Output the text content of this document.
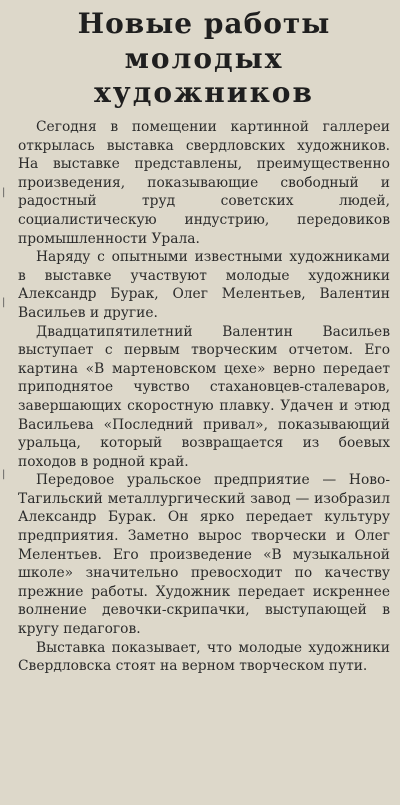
|
|
|
Новые работы
молодых художников

Сегодня в помещении картинной галлереи открылась выставка свердловских художников. На выставке представлены, преимущественно произведения, показывающие свободный и радостный труд советских людей, социалистическую индустрию, передовиков промышленности Урала.

Наряду с опытными известными художниками в выставке участвуют молодые художники Александр Бурак, Олег Мелентьев, Валентин Васильев и другие.

Двадцатипятилетний Валентин Васильев выступает с первым творческим отчетом. Его картина «В мартеновском цехе» верно передает приподнятое чувство стахановцев-сталеваров, завершающих скоростную плавку. Удачен и этюд Васильева «Последний привал», показывающий уральца, который возвращается из боевых походов в родной край.

Передовое уральское предприятие — Ново-Тагильский металлургический завод — изобразил Александр Бурак. Он ярко передает культуру предприятия. Заметно вырос творчески и Олег Мелентьев. Его произведение «В музыкальной школе» значительно превосходит по качеству прежние работы. Художник передает искреннее волнение девочки-скрипачки, выступающей в кругу педагогов.

Выставка показывает, что молодые художники Свердловска стоят на верном творческом пути.
